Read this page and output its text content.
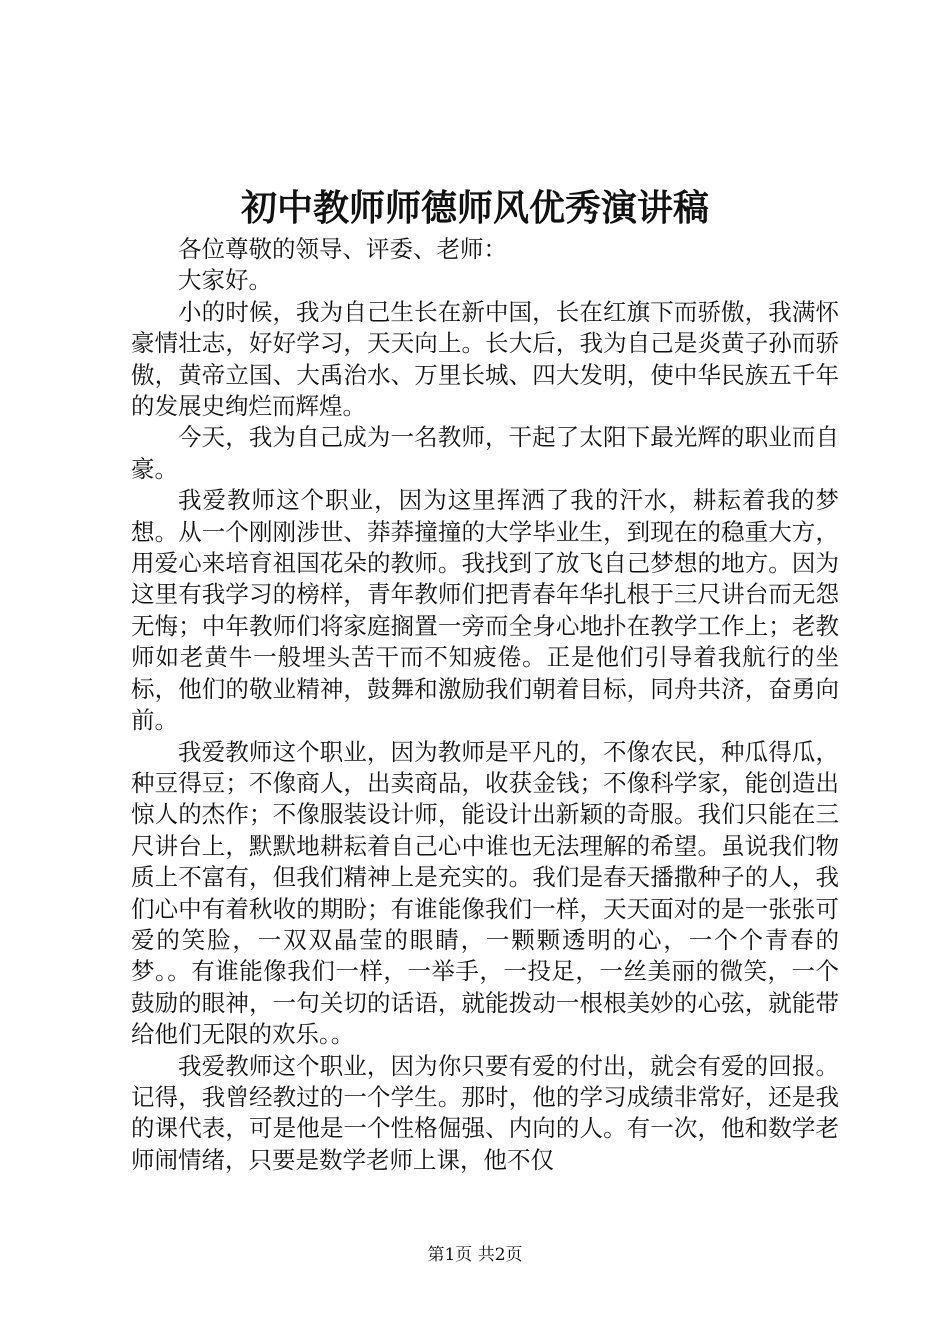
初中教师师德师风优秀演讲稿

各位尊敬的领导、评委、老师：

大家好。

小的时候，我为自己生长在新中国，长在红旗下而骄傲，我满怀豪情壮志，好好学习，天天向上。长大后，我为自己是炎黄子孙而骄傲，黄帝立国、大禹治水、万里长城、四大发明，使中华民族五千年的发展史绚烂而辉煌。

今天，我为自己成为一名教师，干起了太阳下最光辉的职业而自豪。

我爱教师这个职业，因为这里挥洒了我的汗水，耕耘着我的梦想。从一个刚刚涉世、莽莽撞撞的大学毕业生，到现在的稳重大方，用爱心来培育祖国花朵的教师。我找到了放飞自己梦想的地方。因为这里有我学习的榜样，青年教师们把青春年华扎根于三尺讲台而无怨无悔；中年教师们将家庭搁置一旁而全身心地扑在教学工作上；老教师如老黄牛一般埋头苦干而不知疲倦。正是他们引导着我航行的坐标，他们的敬业精神，鼓舞和激励我们朝着目标，同舟共济，奋勇向前。

我爱教师这个职业，因为教师是平凡的，不像农民，种瓜得瓜，种豆得豆；不像商人，出卖商品，收获金钱；不像科学家，能创造出惊人的杰作；不像服装设计师，能设计出新颖的奇服。我们只能在三尺讲台上，默默地耕耘着自己心中谁也无法理解的希望。虽说我们物质上不富有，但我们精神上是充实的。我们是春天播撒种子的人，我们心中有着秋收的期盼；有谁能像我们一样，天天面对的是一张张可爱的笑脸，一双双晶莹的眼睛，一颗颗透明的心，一个个青春的梦。。有谁能像我们一样，一举手，一投足，一丝美丽的微笑，一个鼓励的眼神，一句关切的话语，就能拨动一根根美妙的心弦，就能带给他们无限的欢乐。。

我爱教师这个职业，因为你只要有爱的付出，就会有爱的回报。记得，我曾经教过的一个学生。那时，他的学习成绩非常好，还是我的课代表，可是他是一个性格倔强、内向的人。有一次，他和数学老师闹情绪，只要是数学老师上课，他不仅

第1页 共2页
